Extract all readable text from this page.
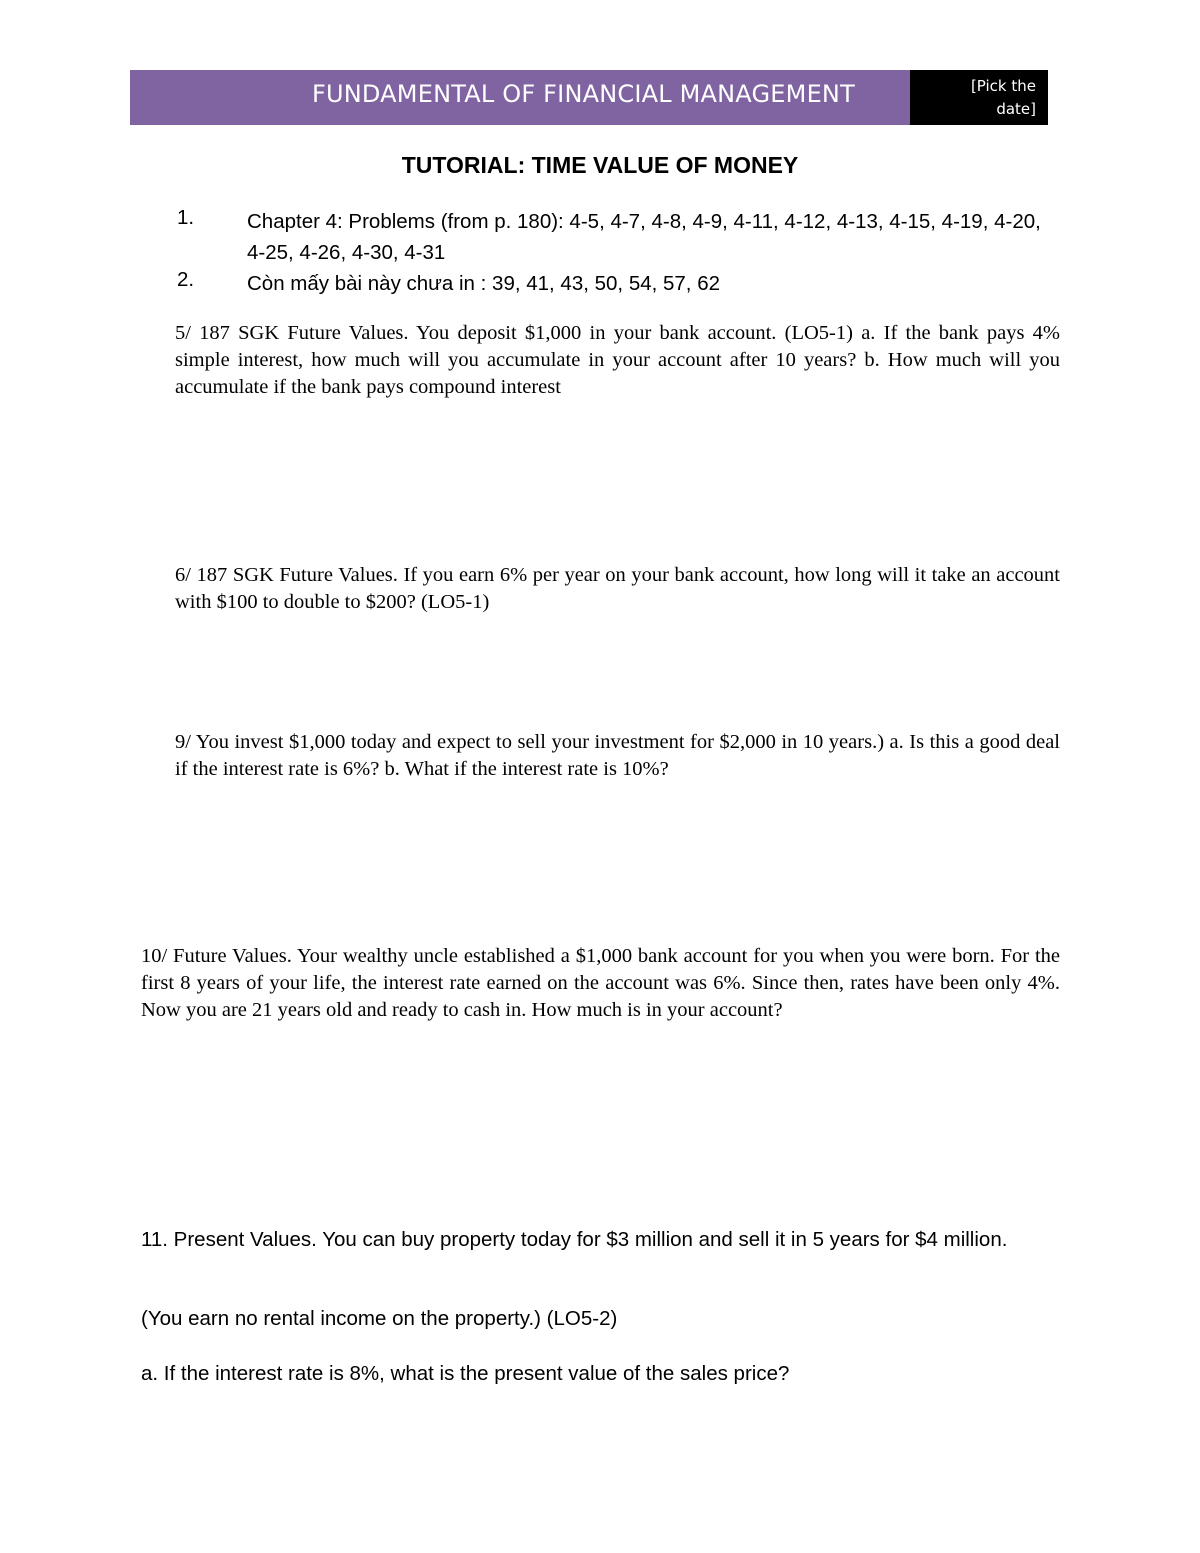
FUNDAMENTAL OF FINANCIAL MANAGEMENT	[Pick the
date]
TUTORIAL: TIME VALUE OF MONEY
1.	Chapter 4: Problems (from p. 180): 4-5, 4-7, 4-8, 4-9, 4-11, 4-12, 4-13, 4-15, 4-19, 4-20, 4-25, 4-26, 4-30, 4-31
2.	Còn mấy bài này chưa in : 39, 41, 43, 50, 54, 57, 62
5/ 187 SGK Future Values. You deposit $1,000 in your bank account. (LO5-1) a. If the bank pays 4% simple interest, how much will you accumulate in your account after 10 years? b. How much will you accumulate if the bank pays compound interest
6/ 187 SGK Future Values. If you earn 6% per year on your bank account, how long will it take an account with $100 to double to $200? (LO5-1)
9/ You invest $1,000 today and expect to sell your investment for $2,000 in 10 years.) a. Is this a good deal if the interest rate is 6%? b. What if the interest rate is 10%?
10/ Future Values. Your wealthy uncle established a $1,000 bank account for you when you were born. For the first 8 years of your life, the interest rate earned on the account was 6%. Since then, rates have been only 4%. Now you are 21 years old and ready to cash in. How much is in your account?
11. Present Values. You can buy property today for $3 million and sell it in 5 years for $4 million.
(You earn no rental income on the property.) (LO5-2)
a. If the interest rate is 8%, what is the present value of the sales price?
